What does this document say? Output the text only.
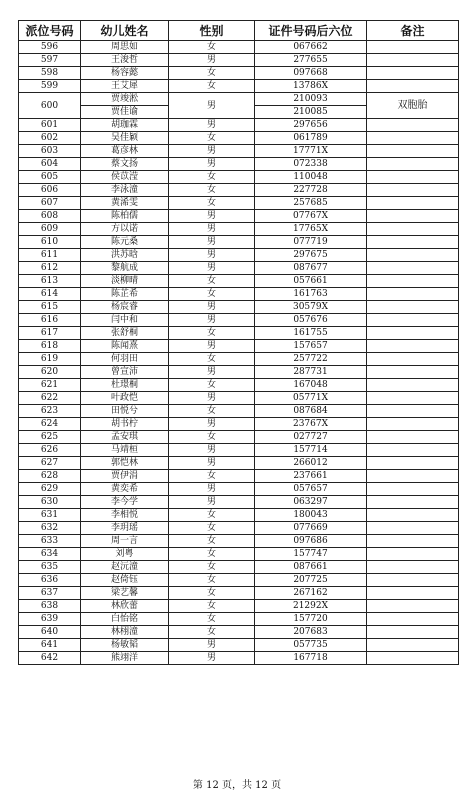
派位号码	幼儿姓名	性别	证件号码后六位	备注
596	周思如	女	067662	
597	王浚哲	男	277655	
598	杨容懿	女	097668	
599	王艾犀	女	13786X	
600	贾竣淞	男	210093	双胞胎
	贾佳谕		210085	
601	胡珈霖	男	297656	
602	吴佳颖	女	061789	
603	葛彦林	男	17771X	
604	蔡文扬	男	072338	
605	侯苡滢	女	110048	
606	李泳潼	女	227728	
607	黄浠雯	女	257685	
608	陈柏儒	男	07767X	
609	方以诺	男	17765X	
610	陈元桑	男	077719	
611	洪苏晗	男	297675	
612	黎航成	男	087677	
613	淡柳晴	女	057661	
614	陈芷希	女	161763	
615	杨宸睿	男	30579X	
616	闫中和	男	057676	
617	张舒桐	女	161755	
618	陈闻熹	男	157657	
619	何羽田	女	257722	
620	曾宣沛	男	287731	
621	杜璟桐	女	167048	
622	叶政恺	男	05771X	
623	田悦兮	女	087684	
624	胡书柠	男	23767X	
625	孟安琪	女	027727	
626	马靖桓	男	157714	
627	郭恺林	男	266012	
628	贾伊涓	女	237661	
629	黄奕希	男	057657	
630	李今学	男	063297	
631	李相悦	女	180043	
632	李玥瑶	女	077669	
633	周一言	女	097686	
634	刘粤	女	157747	
635	赵沅潼	女	087661	
636	赵倚钰	女	207725	
637	梁艺馨	女	267162	
638	林欣蕾	女	21292X	
639	白怡铭	女	157720	
640	林栩潼	女	207683	
641	杨敏韬	男	057735	
642	熊翊洋	男	167718	
第 12 页，共 12 页
